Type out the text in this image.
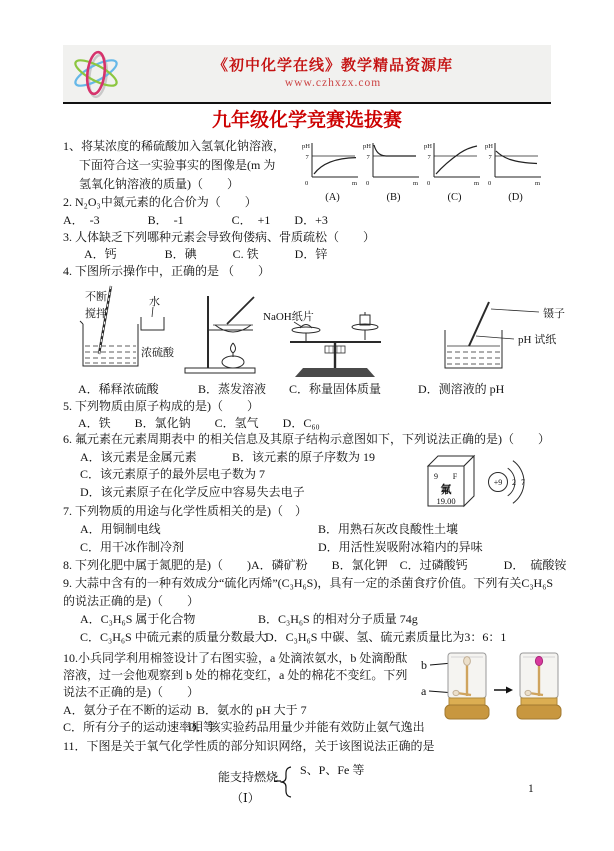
《初中化学在线》教学精品资源库
www.czhxzx.com
九年级化学竞赛选拔赛
1、将某浓度的稀硫酸加入氢氧化钠溶液，
下面符合这一实验事实的图像是(m 为
氢氧化钠溶液的质量)（　　）
pH
7
0	m
(A)
pH
7
0	m
(B)
pH
7
0	m
(C)
pH
7
0	m
(D)
2. N₂O₃中氮元素的化合价为（　　）
A．　-3　　　　B．　-1　　　　C．　+1　　D．+3
3. 人体缺乏下列哪种元素会导致佝偻病、骨质疏松（　　）
A．钙　　　　B．碘　　　C. 铁　　　D．锌
4. 下图所示操作中，正确的是 （　　）
不断
搅拌
水
浓硫酸
NaOH纸片	镊子
pH 试纸
A．稀释浓硫酸	B．蒸发溶液 C．称量固体质量	D．测溶液的 pH
5. 下列物质由原子构成的是)（　　）
A．铁　　B．氯化钠　　C．氢气　　D．C₆₀
6. 氟元素在元素周期表中 的相关信息及其原子结构示意图如下，下列说法正确的是)（　　）
A．该元素是金属元素	B．该元素的原子序数为 19
C．该元素原子的最外层电子数为 7
D．该元素原子在化学反应中容易失去电子
9 F
氟
19.00
+9 2 7
7. 下列物质的用途与化学性质相关的是)（　）
A．用铜制电线	B．用熟石灰改良酸性土壤
C．用干冰作制冷剂	D．用活性炭吸附冰箱内的异味
8. 下列化肥中属于氮肥的是)（　　)A．磷矿粉　　B．氯化钾　C．过磷酸钙　　　D．　硫酸铵
9. 大蒜中含有的一种有效成分“硫化丙烯”(C₃H₆S)，具有一定的杀菌食疗价值。下列有关C₃H₆S
的说法正确的是)（　　）
A．C₃H₆S 属于化合物	B．C₃H₆S 的相对分子质量 74g
C．C₃H₆S 中硫元素的质量分数最大
D．C₃H₆S 中碳、氢、硫元素质量比为3：6：1
10.小兵同学利用棉签设计了右图实验，a 处滴浓氨水，b 处滴酚酞
溶液，过一会他观察到 b 处的棉花变红，a 处的棉花不变红。下列
说法不正确的是)（　　）
A．氨分子在不断的运动 B．氨水的 pH 大于 7
C．所有分子的运动速率相等
D．该实验药品用量少并能有效防止氨气逸出
b
a
11．下图是关于氧气化学性质的部分知识网络，关于该图说法正确的是
能支持燃烧
（Ⅰ）
S、P、Fe 等
1
